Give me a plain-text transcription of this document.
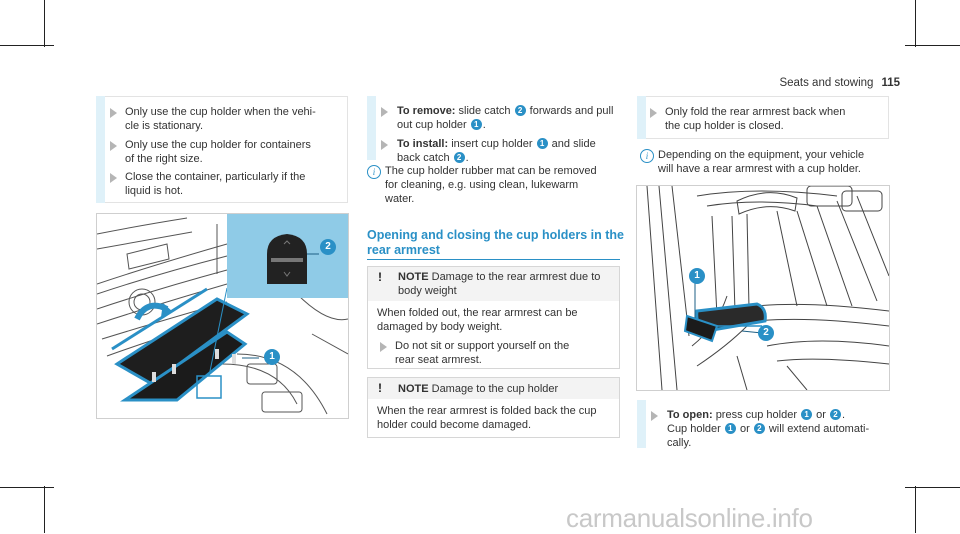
Seats and stowing 115
Only use the cup holder when the vehi-
cle is stationary.
Only use the cup holder for containers
of the right size.
Close the container, particularly if the
liquid is hot.
1
2
To remove: slide catch 2 forwards and pull
out cup holder 1 .
To install: insert cup holder 1 and slide
back catch 2 .
i The cup holder rubber mat can be removed
for cleaning, e.g. using clean, lukewarm
water.
Opening and closing the cup holders in the
rear armrest
! NOTE Damage to the rear armrest due to
body weight
When folded out, the rear armrest can be
damaged by body weight.
Do not sit or support yourself on the
rear seat armrest.
! NOTE Damage to the cup holder
When the rear armrest is folded back the cup
holder could become damaged.
Only fold the rear armrest back when
the cup holder is closed.
i Depending on the equipment, your vehicle
will have a rear armrest with a cup holder.
1
2
To open: press cup holder 1 or 2 .
Cup holder 1 or 2 will extend automati-
cally.
carmanualsonline.info
